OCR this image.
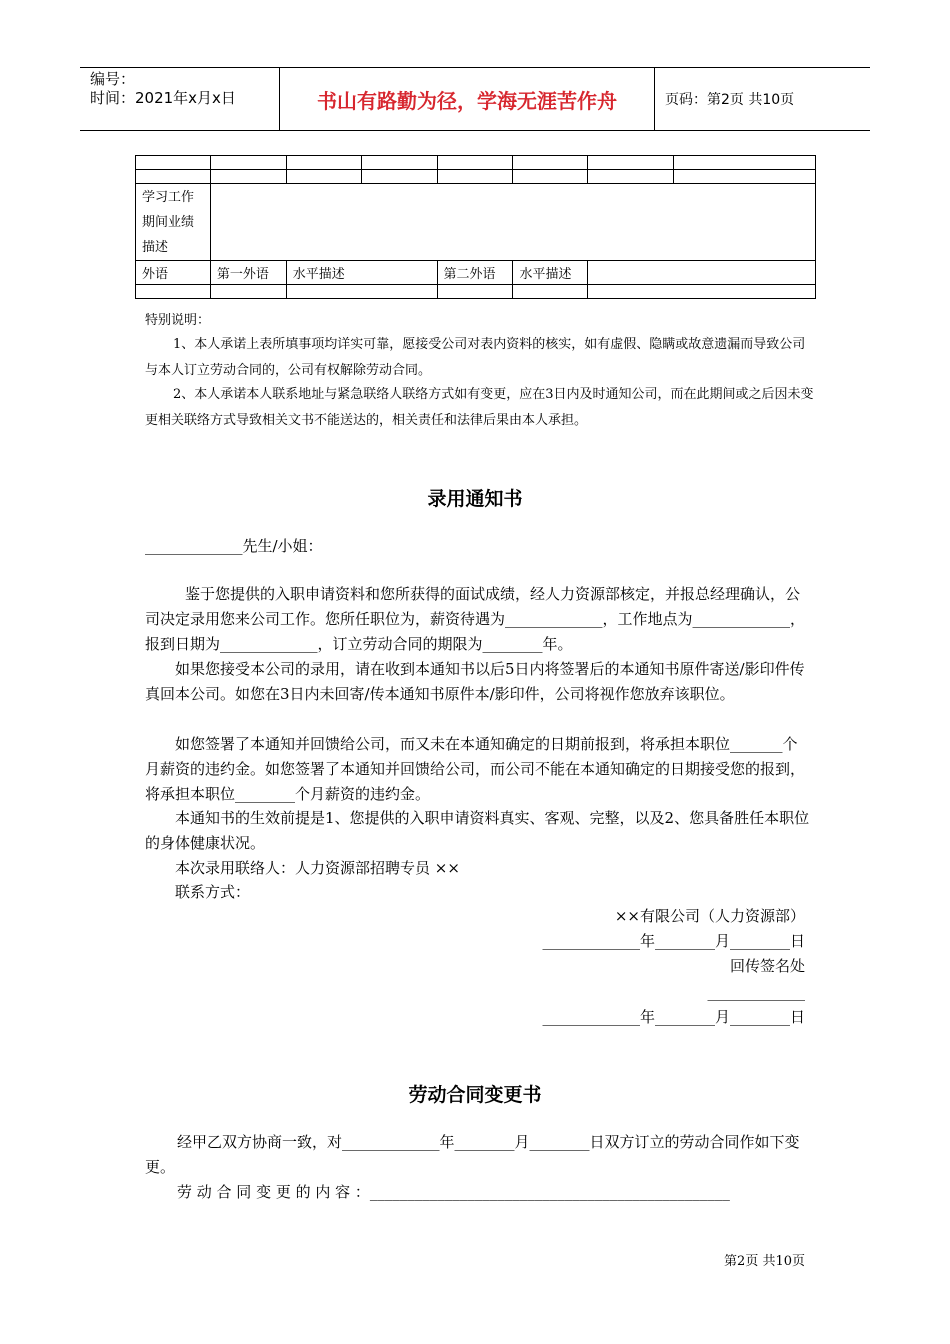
编号：
时间：2021年x月x日	书山有路勤为径，学海无涯苦作舟	页码：第2页 共10页

学习工作期间业绩描述							
外语	第一外语	水平描述		第二外语	水平描述		

特别说明：
1、本人承诺上表所填事项均详实可靠，愿接受公司对表内资料的核实，如有虚假、隐瞒或故意遗漏而导致公司与本人订立劳动合同的，公司有权解除劳动合同。
2、本人承诺本人联系地址与紧急联络人联络方式如有变更，应在3日内及时通知公司，而在此期间或之后因未变更相关联络方式导致相关文书不能送达的，相关责任和法律后果由本人承担。
录用通知书
_____________先生/小姐：
鉴于您提供的入职申请资料和您所获得的面试成绩，经人力资源部核定，并报总经理确认，公司决定录用您来公司工作。您所任职位为，薪资待遇为_____________，工作地点为_____________，报到日期为_____________，订立劳动合同的期限为________年。
如果您接受本公司的录用，请在收到本通知书以后5日内将签署后的本通知书原件寄送/影印件传真回本公司。如您在3日内未回寄/传本通知书原件本/影印件，公司将视作您放弃该职位。
如您签署了本通知并回馈给公司，而又未在本通知确定的日期前报到，将承担本职位_______个月薪资的违约金。如您签署了本通知并回馈给公司，而公司不能在本通知确定的日期接受您的报到，将承担本职位________个月薪资的违约金。
本通知书的生效前提是1、您提供的入职申请资料真实、客观、完整，以及2、您具备胜任本职位的身体健康状况。
本次录用联络人：人力资源部招聘专员 ××
联系方式：
××有限公司（人力资源部）
_____________年________月________日
回传签名处
_____________
_____________年________月________日
劳动合同变更书
经甲乙双方协商一致，对_____________年________月________日双方订立的劳动合同作如下变更。
劳 动 合 同 变 更 的 内 容 ：________________________________________________
第2页 共10页
